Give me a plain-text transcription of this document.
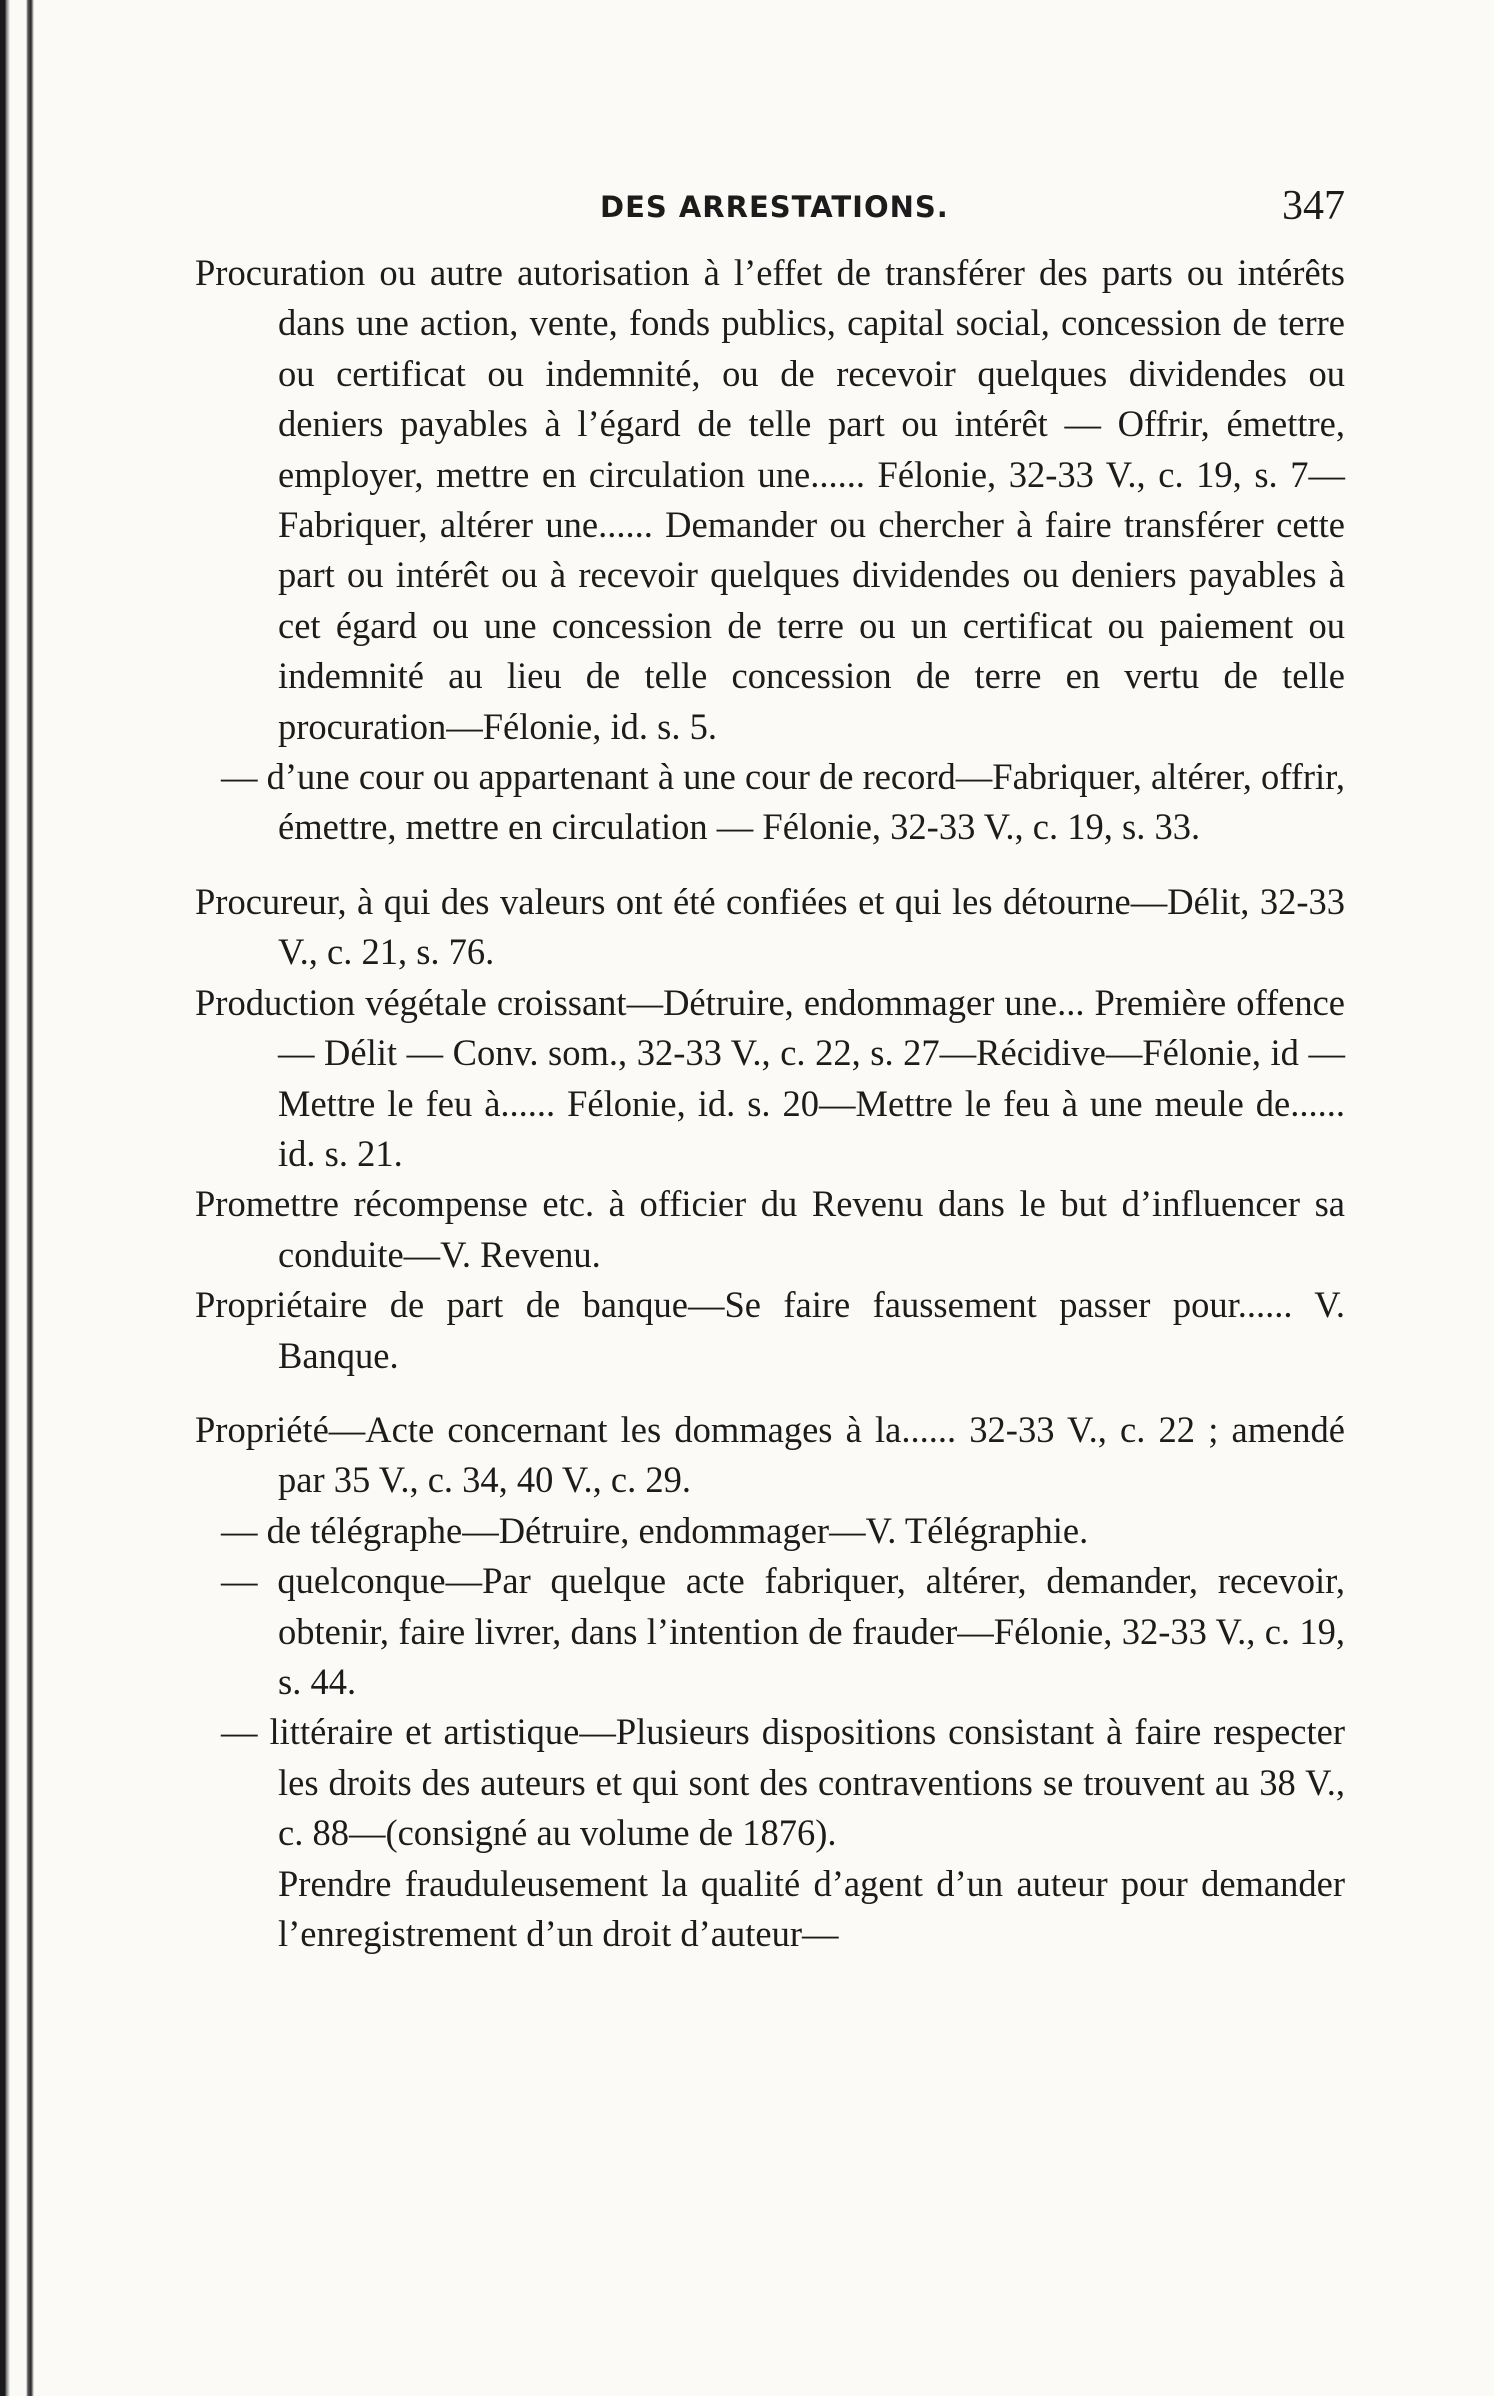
DES ARRESTATIONS.	347

Procuration ou autre autorisation à l’effet de transférer des parts ou intérêts dans une action, vente, fonds publics, capital social, concession de terre ou certificat ou indemnité, ou de recevoir quelques dividendes ou deniers payables à l’égard de telle part ou intérêt — Offrir, émettre, employer, mettre en circulation une...... Félonie, 32-33 V., c. 19, s. 7—Fabriquer, altérer une...... Demander ou chercher à faire transférer cette part ou intérêt ou à recevoir quelques dividendes ou deniers payables à cet égard ou une concession de terre ou un certificat ou paiement ou indemnité au lieu de telle concession de terre en vertu de telle procuration—Félonie, id. s. 5.

— d’une cour ou appartenant à une cour de record—Fabriquer, altérer, offrir, émettre, mettre en circulation — Félonie, 32-33 V., c. 19, s. 33.

Procureur, à qui des valeurs ont été confiées et qui les détourne—Délit, 32-33 V., c. 21, s. 76.

Production végétale croissant—Détruire, endommager une... Première offence — Délit — Conv. som., 32-33 V., c. 22, s. 27—Récidive—Félonie, id — Mettre le feu à...... Félonie, id. s. 20—Mettre le feu à une meule de...... id. s. 21.

Promettre récompense etc. à officier du Revenu dans le but d’influencer sa conduite—V. Revenu.

Propriétaire de part de banque—Se faire faussement passer pour...... V. Banque.

Propriété—Acte concernant les dommages à la...... 32-33 V., c. 22 ; amendé par 35 V., c. 34, 40 V., c. 29.

— de télégraphe—Détruire, endommager—V. Télégraphie.

— quelconque—Par quelque acte fabriquer, altérer, demander, recevoir, obtenir, faire livrer, dans l’intention de frauder—Félonie, 32-33 V., c. 19, s. 44.

— littéraire et artistique—Plusieurs dispositions consistant à faire respecter les droits des auteurs et qui sont des contraventions se trouvent au 38 V., c. 88—(consigné au volume de 1876).

Prendre frauduleusement la qualité d’agent d’un auteur pour demander l’enregistrement d’un droit d’auteur—
